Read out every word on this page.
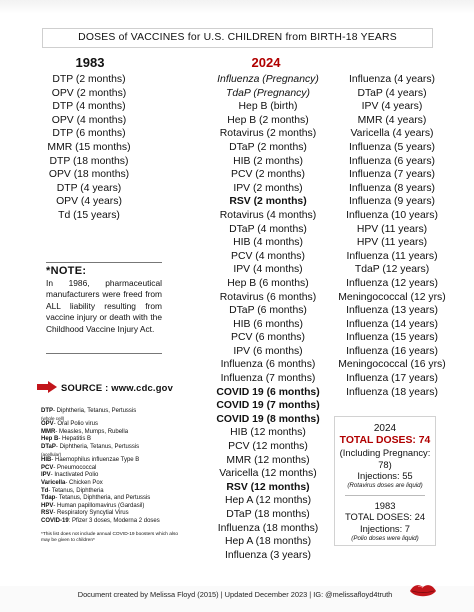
DOSES of VACCINES for U.S. CHILDREN from BIRTH-18 YEARS
1983	2024
DTP (2 months)
OPV (2 months)
DTP (4 months)
OPV (4 months)
DTP (6 months)
MMR (15 months)
DTP (18 months)
OPV (18 months)
DTP (4 years)
OPV (4 years)
Td (15 years)
Influenza (Pregnancy)
TdaP (Pregnancy)
Hep B (birth)
Hep B (2 months)
Rotavirus (2 months)
DTaP (2 months)
HIB (2 months)
PCV (2 months)
IPV (2 months)
RSV (2 months)
Rotavirus (4 months)
DTaP (4 months)
HIB (4 months)
PCV (4 months)
IPV (4 months)
Hep B (6 months)
Rotavirus (6 months)
DTaP (6 months)
HIB (6 months)
PCV (6 months)
IPV (6 months)
Influenza (6 months)
Influenza (7 months)
COVID 19 (6 months)
COVID 19 (7 months)
COVID 19 (8 months)
HIB (12 months)
PCV (12 months)
MMR (12 months)
Varicella (12 months)
RSV (12 months)
Hep A (12 months)
DTaP (18 months)
Influenza (18 months)
Hep A (18 months)
Influenza (3 years)
Influenza (4 years)
DTaP (4 years)
IPV (4 years)
MMR (4 years)
Varicella (4 years)
Influenza (5 years)
Influenza (6 years)
Influenza (7 years)
Influenza (8 years)
Influenza (9 years)
Influenza (10 years)
HPV (11 years)
HPV (11 years)
Influenza (11 years)
TdaP (12 years)
Influenza (12 years)
Meningococcal (12 yrs)
Influenza (13 years)
Influenza (14 years)
Influenza (15 years)
Influenza (16 years)
Meningococcal (16 yrs)
Influenza (17 years)
Influenza (18 years)
*NOTE:
In 1986, pharmaceutical manufacturers were freed from ALL liability resulting from vaccine injury or death with the Childhood Vaccine Injury Act.
SOURCE : www.cdc.gov
DTP- Diphtheria, Tetanus, Pertussis
(whole cell)
OPV- Oral Polio virus
MMR- Measles, Mumps, Rubella
Hep B- Hepatitis B
DTaP- Diphtheria, Tetanus, Pertussis
(acellular)
HIB- Haemophilus influenzae Type B
PCV- Pneumococcal
IPV- Inactivated Polio
Varicella- Chicken Pox
Td- Tetanus, Diphtheria
Tdap- Tetanus, Diphtheria, and Pertussis
HPV- Human papillomavirus (Gardasil)
RSV- Respiratory Syncytial Virus
COVID-19: Pfizer 3 doses, Moderna 2 doses
*This list does not include annual COVID-19 boosters which also may be given to children*
2024
TOTAL DOSES: 74
(Including Pregnancy: 78)
Injections: 55
(Rotavirus doses are liquid)
1983
TOTAL DOSES: 24
Injections: 7
(Polio doses were liquid)
Document created by Melissa Floyd (2015) | Updated December 2023 | IG: @melissafloyd4truth
